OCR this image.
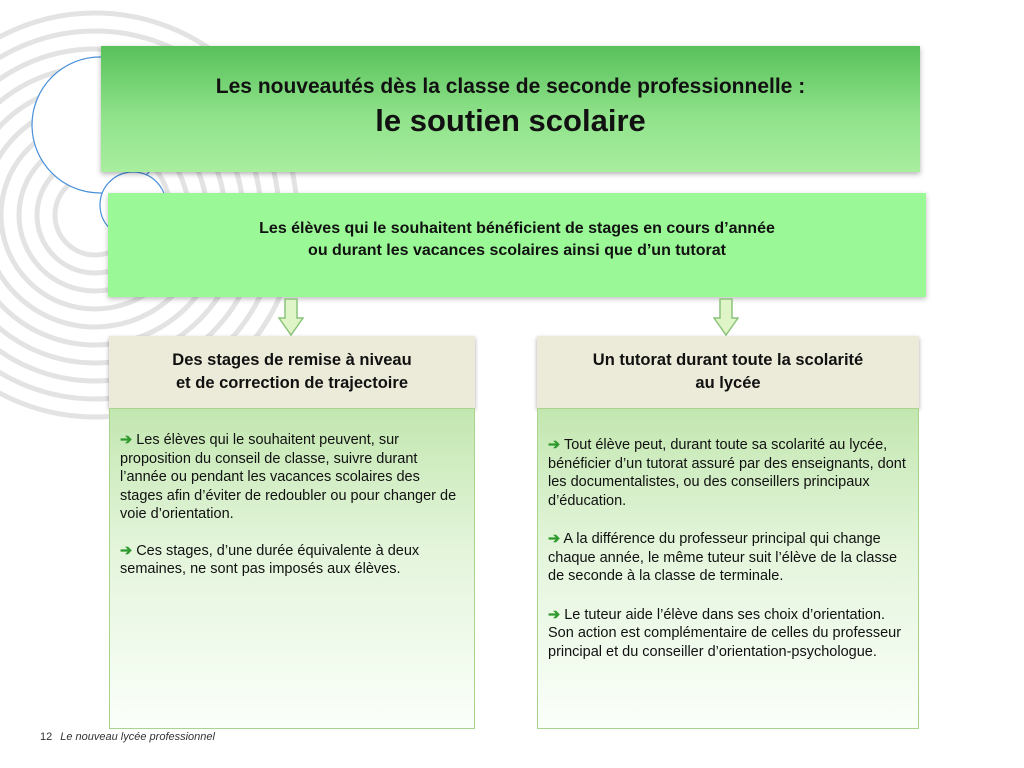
Les nouveautés dès la classe de seconde professionnelle :
le soutien scolaire
Les élèves qui le souhaitent bénéficient de stages en cours d’année
ou durant les vacances scolaires ainsi que d’un tutorat
Des stages de remise à niveau
et de correction de trajectoire

➔ Les élèves qui le souhaitent peuvent, sur proposition du conseil de classe, suivre durant l’année ou pendant les vacances scolaires des stages afin d’éviter de redoubler ou pour changer de voie d’orientation.

➔ Ces stages, d’une durée équivalente à deux semaines, ne sont pas imposés aux élèves.

Un tutorat durant toute la scolarité
au lycée

➔ Tout élève peut, durant toute sa scolarité au lycée, bénéficier d’un tutorat assuré par des enseignants, dont les documentalistes, ou des conseillers principaux d’éducation.

➔ A la différence du professeur principal qui change chaque année, le même tuteur suit l’élève de la classe de seconde à la classe de terminale.

➔ Le tuteur aide l’élève dans ses choix d’orientation. Son action est complémentaire de celles du professeur principal et du conseiller d’orientation-psychologue.

12 Le nouveau lycée professionnel
